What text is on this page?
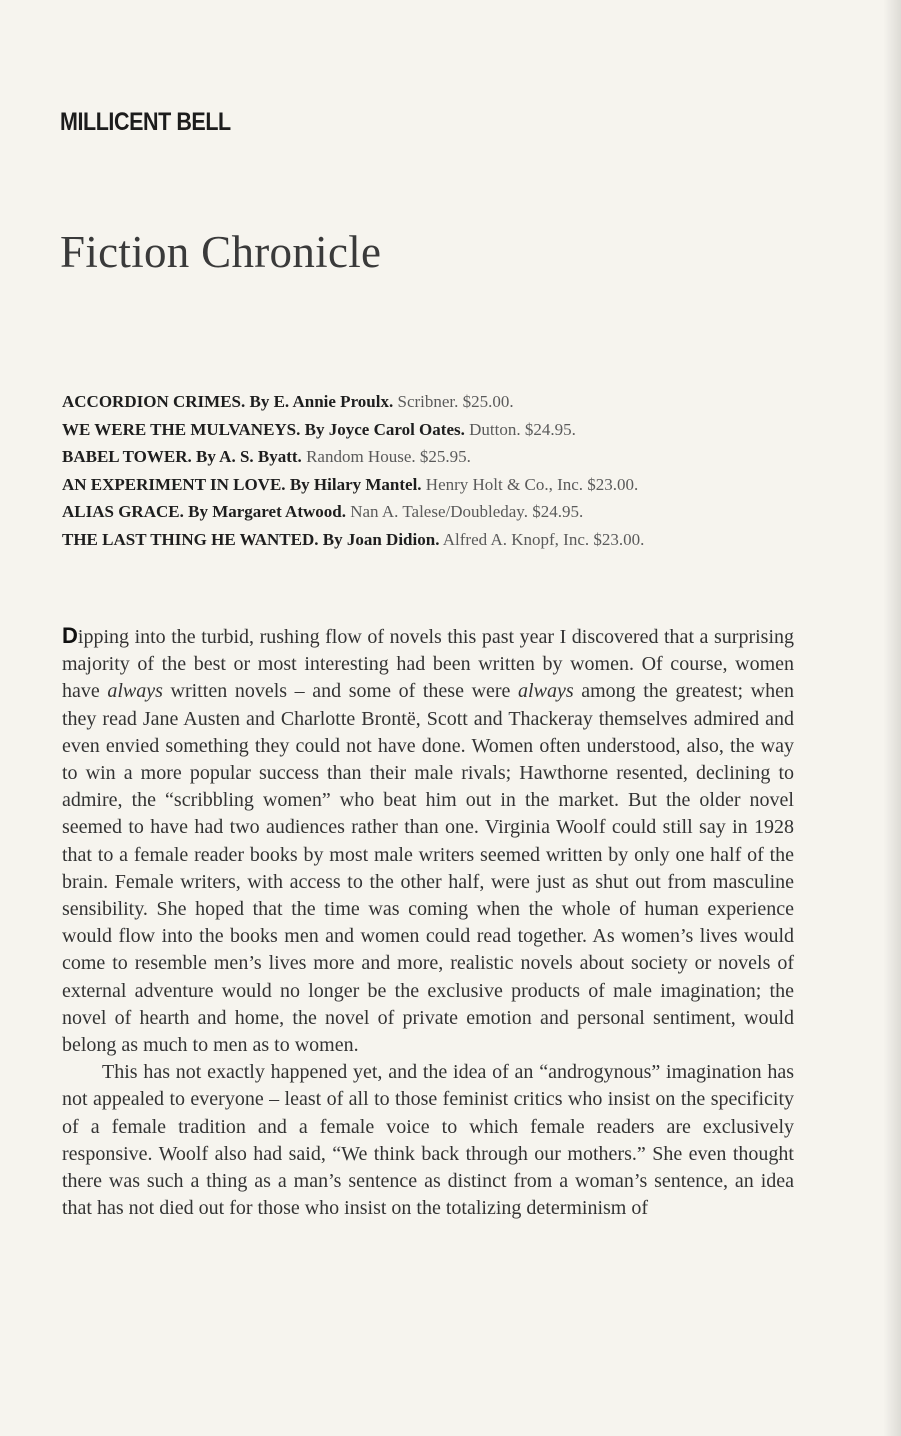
MILLICENT BELL
Fiction Chronicle
ACCORDION CRIMES. By E. Annie Proulx. Scribner. $25.00.
WE WERE THE MULVANEYS. By Joyce Carol Oates. Dutton. $24.95.
BABEL TOWER. By A. S. Byatt. Random House. $25.95.
AN EXPERIMENT IN LOVE. By Hilary Mantel. Henry Holt & Co., Inc. $23.00.
ALIAS GRACE. By Margaret Atwood. Nan A. Talese/Doubleday. $24.95.
THE LAST THING HE WANTED. By Joan Didion. Alfred A. Knopf, Inc. $23.00.

Dipping into the turbid, rushing flow of novels this past year I discovered that a surprising majority of the best or most interesting had been written by women. Of course, women have always written novels – and some of these were always among the greatest; when they read Jane Austen and Charlotte Brontë, Scott and Thackeray themselves admired and even envied something they could not have done. Women often understood, also, the way to win a more popular success than their male rivals; Hawthorne resented, declining to admire, the “scribbling women” who beat him out in the market. But the older novel seemed to have had two audiences rather than one. Virginia Woolf could still say in 1928 that to a female reader books by most male writers seemed written by only one half of the brain. Female writers, with access to the other half, were just as shut out from masculine sensibility. She hoped that the time was coming when the whole of human experience would flow into the books men and women could read together. As women’s lives would come to resemble men’s lives more and more, realistic novels about society or novels of external adventure would no longer be the exclusive products of male imagination; the novel of hearth and home, the novel of private emotion and personal sentiment, would belong as much to men as to women.

This has not exactly happened yet, and the idea of an “androgynous” imagination has not appealed to everyone – least of all to those feminist critics who insist on the specificity of a female tradition and a female voice to which female readers are exclusively responsive. Woolf also had said, “We think back through our mothers.” She even thought there was such a thing as a man’s sentence as distinct from a woman’s sentence, an idea that has not died out for those who insist on the totalizing determinism of
